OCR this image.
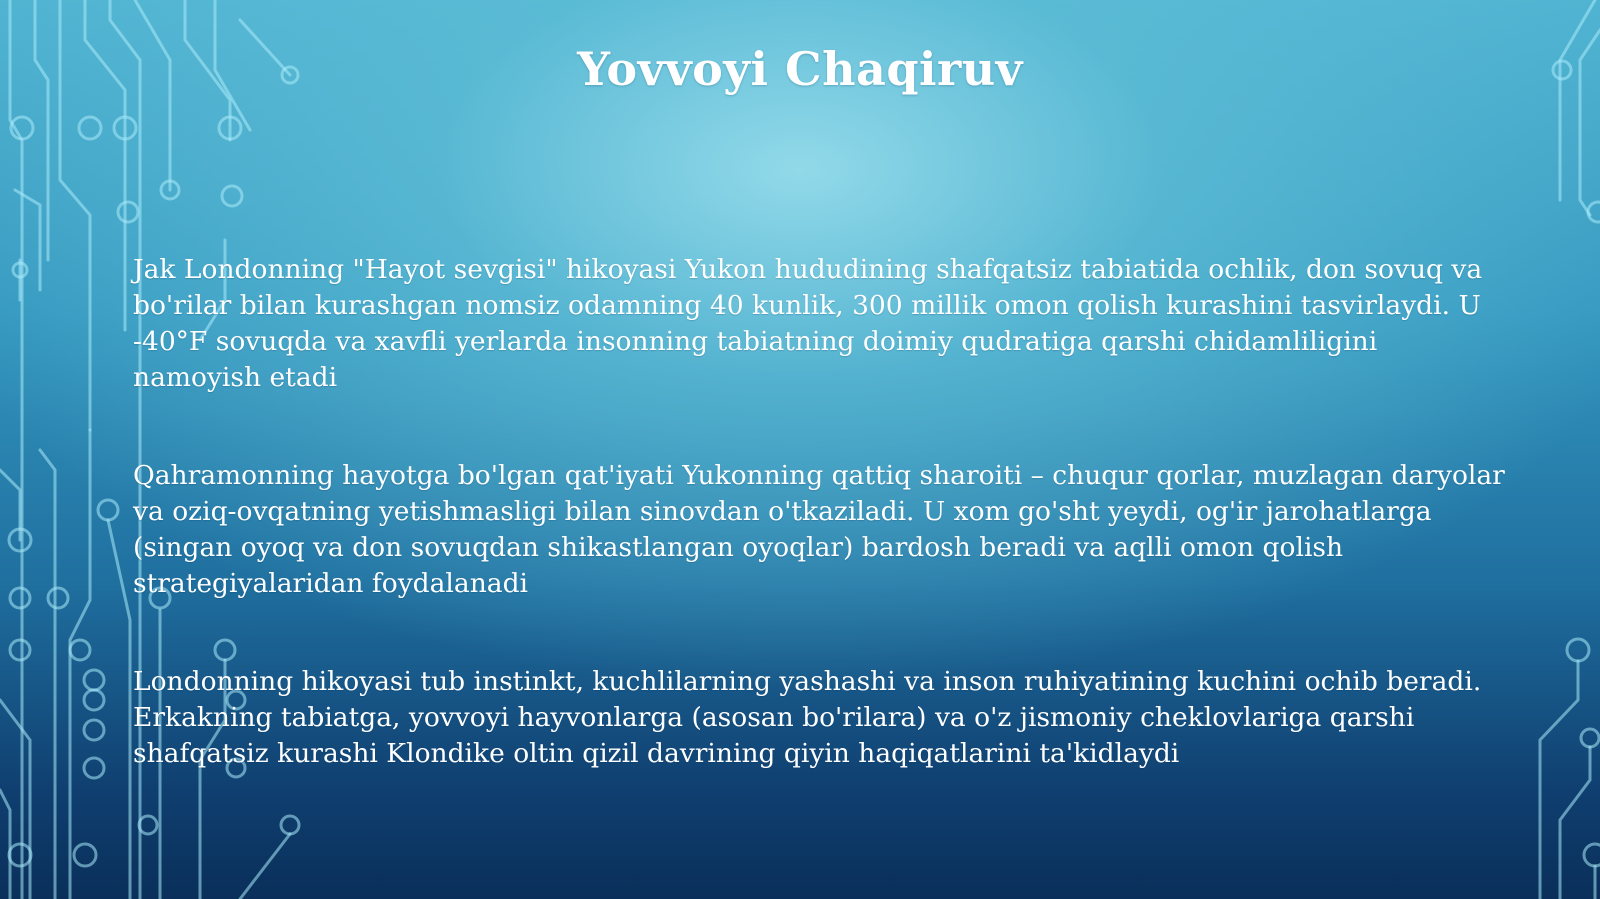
Yovvoyi Chaqiruv
Jak Londonning "Hayot sevgisi" hikoyasi Yukon hududining shafqatsiz tabiatida ochlik, don sovuq va bo'rilar bilan kurashgan nomsiz odamning 40 kunlik, 300 millik omon qolish kurashini tasvirlaydi. U -40°F sovuqda va xavfli yerlarda insonning tabiatning doimiy qudratiga qarshi chidamliligini namoyish etadi
Qahramonning hayotga bo'lgan qat'iyati Yukonning qattiq sharoiti – chuqur qorlar, muzlagan daryolar va oziq-ovqatning yetishmasligi bilan sinovdan o'tkaziladi. U xom go'sht yeydi, og'ir jarohatlarga (singan oyoq va don sovuqdan shikastlangan oyoqlar) bardosh beradi va aqlli omon qolish strategiyalaridan foydalanadi
Londonning hikoyasi tub instinkt, kuchlilarning yashashi va inson ruhiyatining kuchini ochib beradi. Erkakning tabiatga, yovvoyi hayvonlarga (asosan bo'rilara) va o'z jismoniy cheklovlariga qarshi shafqatsiz kurashi Klondike oltin qizil davrining qiyin haqiqatlarini ta'kidlaydi
